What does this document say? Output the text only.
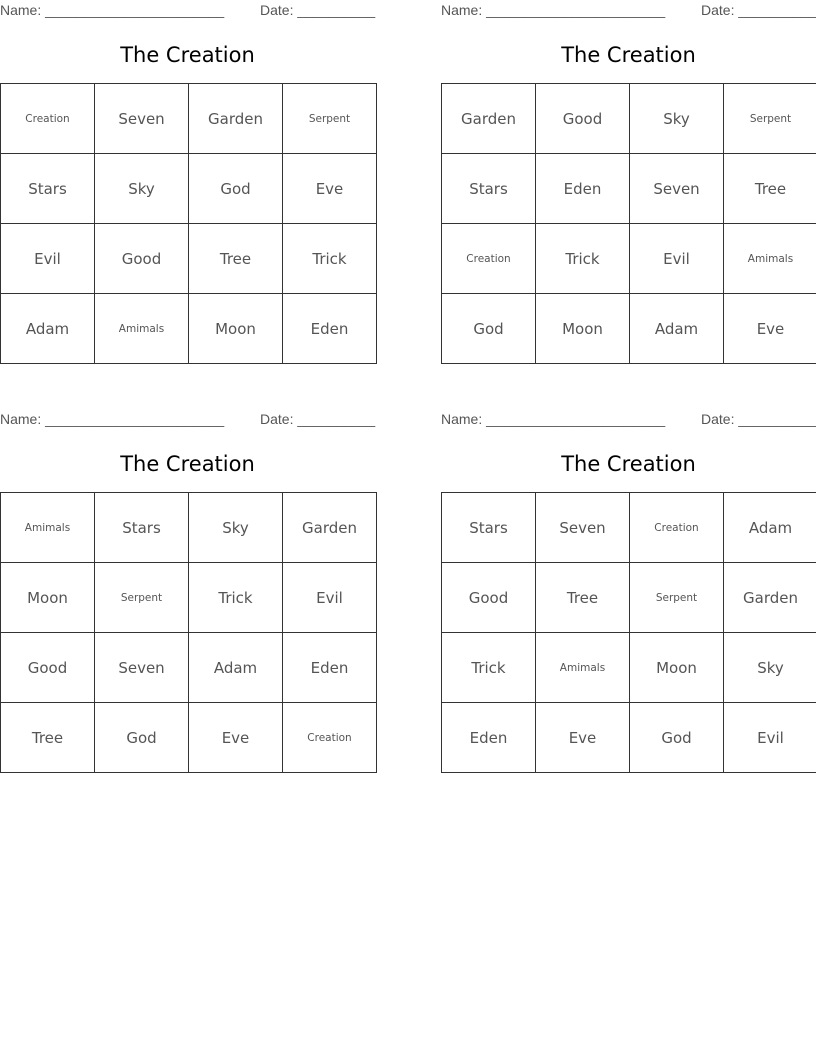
Name: _______________________	Date: __________
The Creation
Creation	Seven	Garden	Serpent
Stars	Sky	God	Eve
Evil	Good	Tree	Trick
Adam	Amimals	Moon	Eden
Name: _______________________	Date: __________
The Creation
Garden	Good	Sky	Serpent
Stars	Eden	Seven	Tree
Creation	Trick	Evil	Amimals
God	Moon	Adam	Eve
Name: _______________________	Date: __________
The Creation
Amimals	Stars	Sky	Garden
Moon	Serpent	Trick	Evil
Good	Seven	Adam	Eden
Tree	God	Eve	Creation
Name: _______________________	Date: __________
The Creation
Stars	Seven	Creation	Adam
Good	Tree	Serpent	Garden
Trick	Amimals	Moon	Sky
Eden	Eve	God	Evil
